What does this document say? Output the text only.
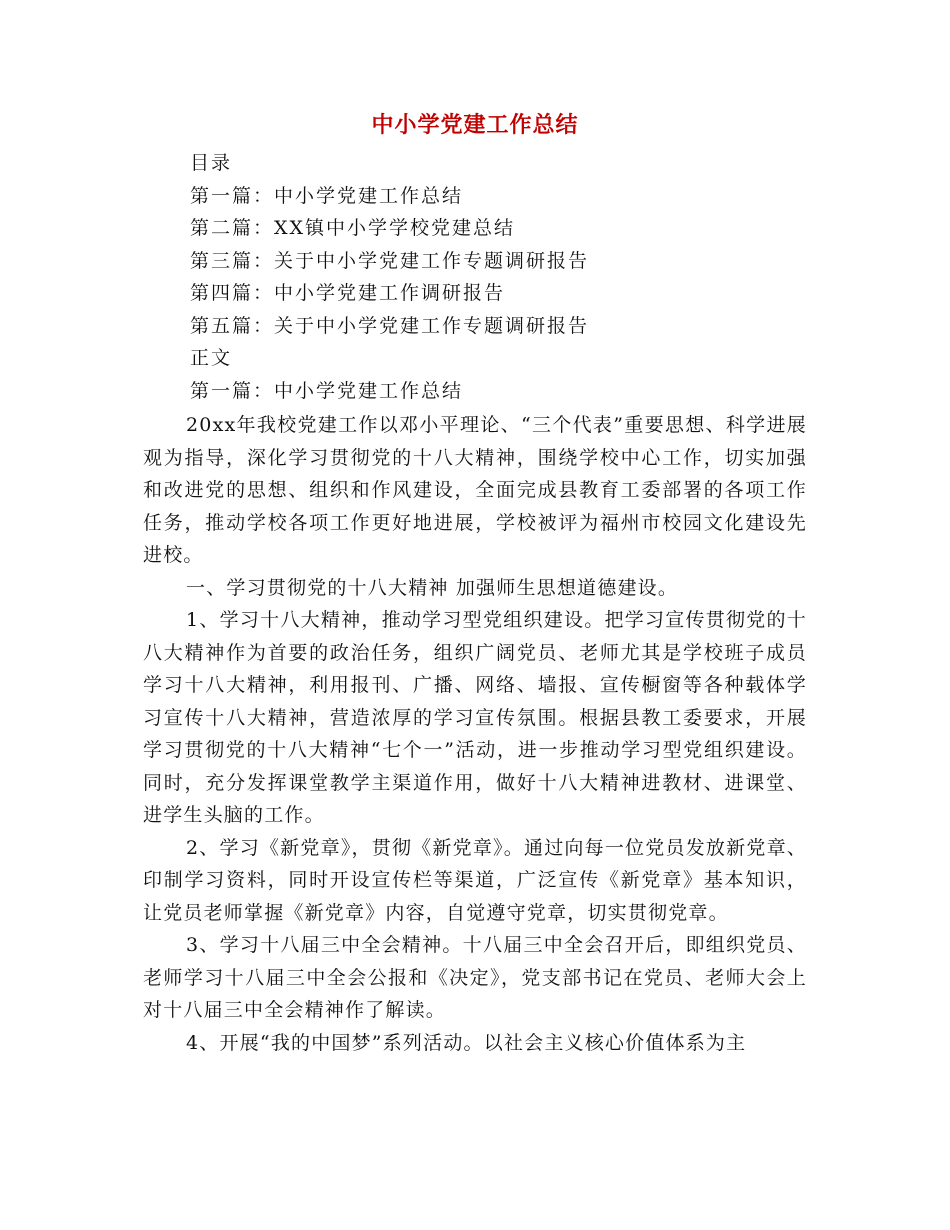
中小学党建工作总结
目录
第一篇：中小学党建工作总结
第二篇：XX镇中小学学校党建总结
第三篇：关于中小学党建工作专题调研报告
第四篇：中小学党建工作调研报告
第五篇：关于中小学党建工作专题调研报告
正文
第一篇：中小学党建工作总结

20xx年我校党建工作以邓小平理论、“三个代表”重要思想、科学进展观为指导，深化学习贯彻党的十八大精神，围绕学校中心工作，切实加强和改进党的思想、组织和作风建设，全面完成县教育工委部署的各项工作任务，推动学校各项工作更好地进展，学校被评为福州市校园文化建设先进校。

一、学习贯彻党的十八大精神 加强师生思想道德建设。

1、学习十八大精神，推动学习型党组织建设。把学习宣传贯彻党的十八大精神作为首要的政治任务，组织广阔党员、老师尤其是学校班子成员学习十八大精神，利用报刊、广播、网络、墙报、宣传橱窗等各种载体学习宣传十八大精神，营造浓厚的学习宣传氛围。根据县教工委要求，开展学习贯彻党的十八大精神“七个一”活动，进一步推动学习型党组织建设。同时，充分发挥课堂教学主渠道作用，做好十八大精神进教材、进课堂、进学生头脑的工作。

2、学习《新党章》，贯彻《新党章》。通过向每一位党员发放新党章、印制学习资料，同时开设宣传栏等渠道，广泛宣传《新党章》基本知识，让党员老师掌握《新党章》内容，自觉遵守党章，切实贯彻党章。

3、学习十八届三中全会精神。十八届三中全会召开后，即组织党员、老师学习十八届三中全会公报和《决定》，党支部书记在党员、老师大会上对十八届三中全会精神作了解读。

4、开展“我的中国梦”系列活动。以社会主义核心价值体系为主
